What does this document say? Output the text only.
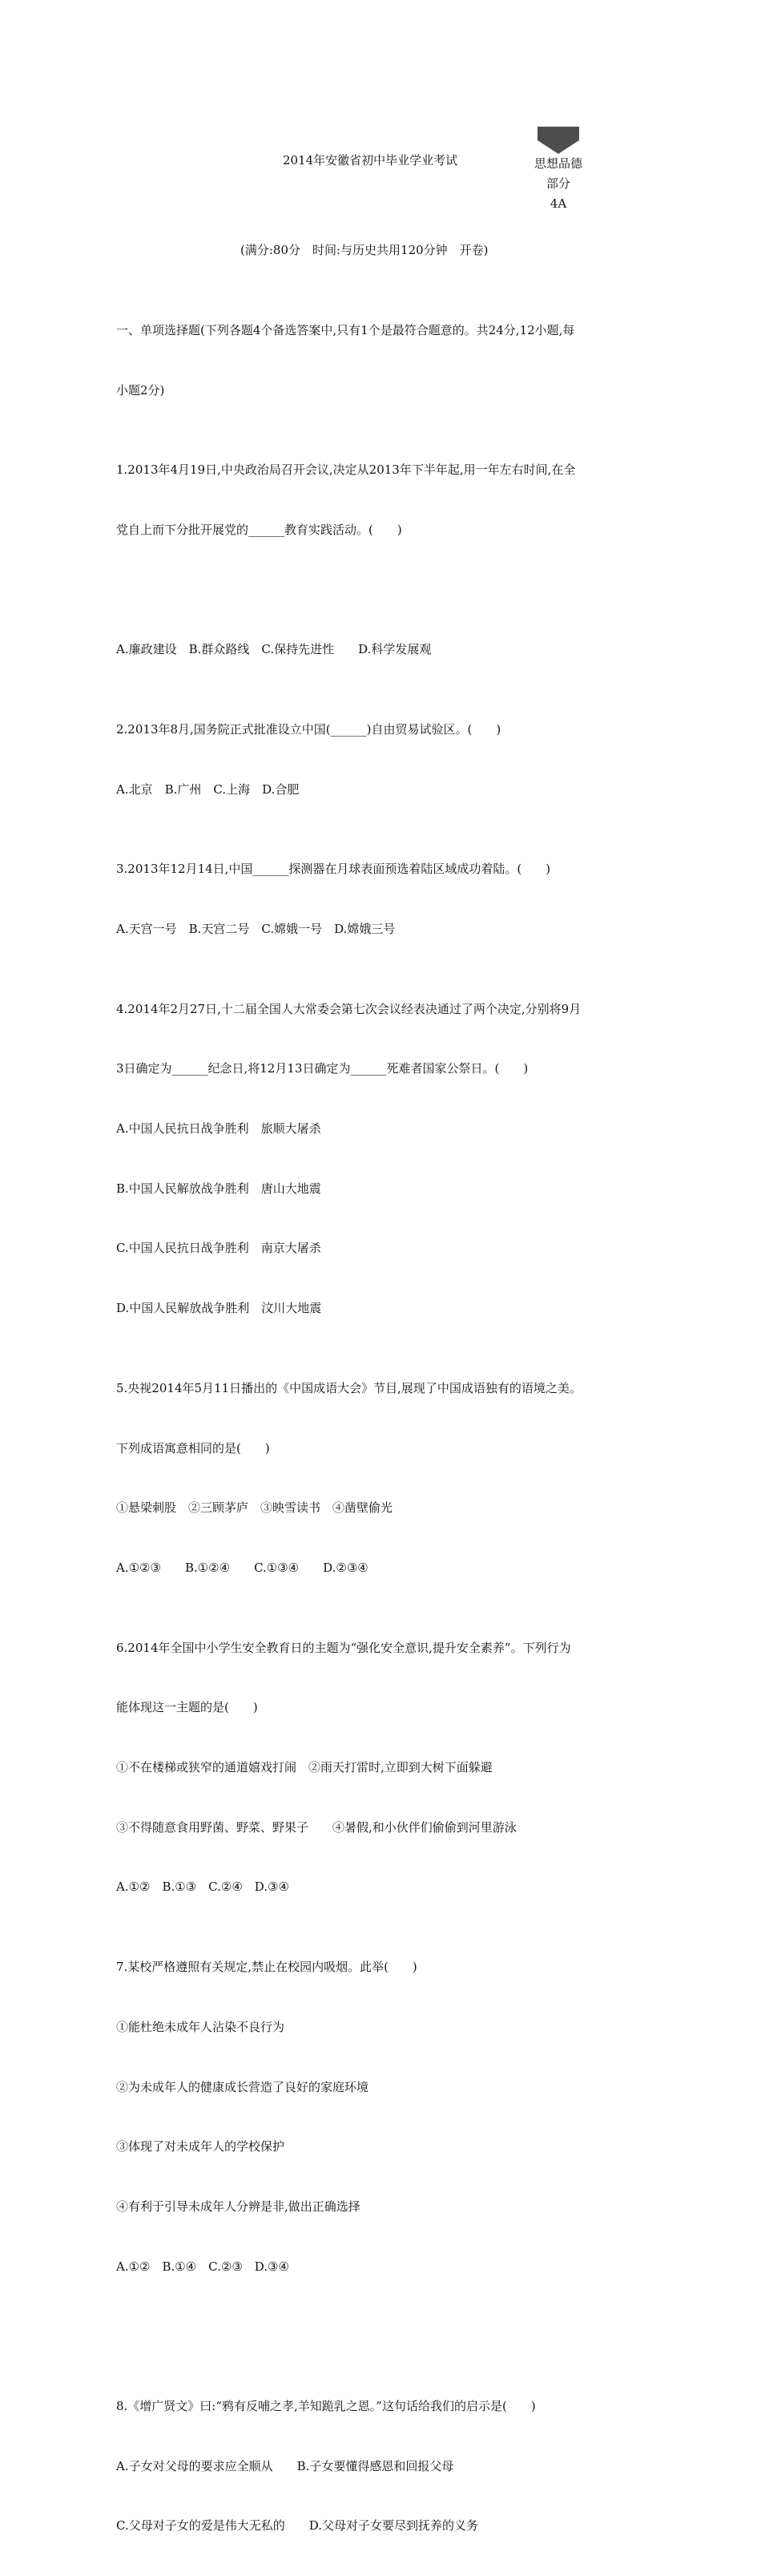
思想品德
部分
4A
2014年安徽省初中毕业学业考试
(满分:80分　时间:与历史共用120分钟　开卷)

一、单项选择题(下列各题4个备选答案中,只有1个是最符合题意的。共24分,12小题,每

小题2分)

1.2013年4月19日,中央政治局召开会议,决定从2013年下半年起,用一年左右时间,在全

党自上而下分批开展党的______教育实践活动。(　　)

A.廉政建设　B.群众路线　C.保持先进性　　D.科学发展观

2.2013年8月,国务院正式批准设立中国(______)自由贸易试验区。(　　)

A.北京　B.广州　C.上海　D.合肥

3.2013年12月14日,中国______探测器在月球表面预选着陆区域成功着陆。(　　)

A.天宫一号　B.天宫二号　C.嫦娥一号　D.嫦娥三号

4.2014年2月27日,十二届全国人大常委会第七次会议经表决通过了两个决定,分别将9月

3日确定为______纪念日,将12月13日确定为______死难者国家公祭日。(　　)

A.中国人民抗日战争胜利　旅顺大屠杀

B.中国人民解放战争胜利　唐山大地震

C.中国人民抗日战争胜利　南京大屠杀

D.中国人民解放战争胜利　汶川大地震

5.央视2014年5月11日播出的《中国成语大会》节目,展现了中国成语独有的语境之美。

下列成语寓意相同的是(　　)

①悬梁刺股　②三顾茅庐　③映雪读书　④凿壁偷光

A.①②③　　B.①②④　　C.①③④　　D.②③④

6.2014年全国中小学生安全教育日的主题为“强化安全意识,提升安全素养”。下列行为

能体现这一主题的是(　　)

①不在楼梯或狭窄的通道嬉戏打闹　②雨天打雷时,立即到大树下面躲避

③不得随意食用野菌、野菜、野果子　　④暑假,和小伙伴们偷偷到河里游泳

A.①②　B.①③　C.②④　D.③④

7.某校严格遵照有关规定,禁止在校园内吸烟。此举(　　)

①能杜绝未成年人沾染不良行为

②为未成年人的健康成长营造了良好的家庭环境

③体现了对未成年人的学校保护

④有利于引导未成年人分辨是非,做出正确选择

A.①②　B.①④　C.②③　D.③④

8.《增广贤文》曰:“鸦有反哺之孝,羊知跪乳之恩。”这句话给我们的启示是(　　)

A.子女对父母的要求应全顺从　　B.子女要懂得感恩和回报父母

C.父母对子女的爱是伟大无私的　　D.父母对子女要尽到抚养的义务
